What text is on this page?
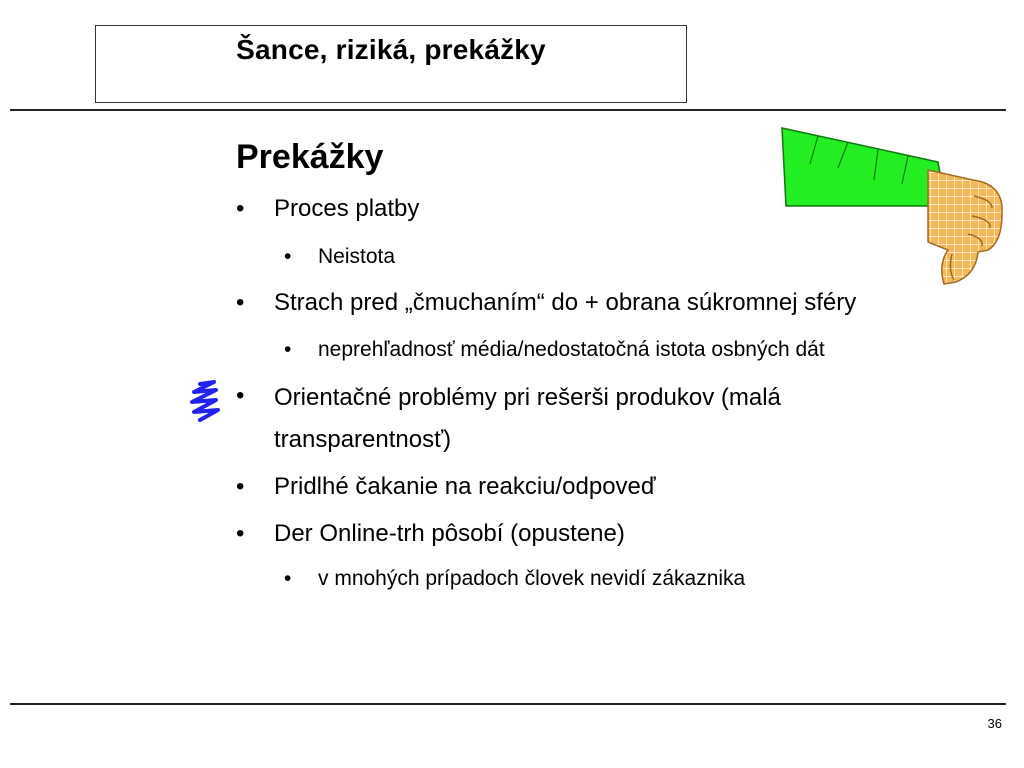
Šance, riziká, prekážky
Prekážky
• Proces platby
• Neistota
• Strach pred „čmuchaním“ do + obrana súkromnej sféry
• neprehľadnosť média/nedostatočná istota osbných dát
• Orientačné problémy pri rešerši produkov (malá transparentnosť)
• Pridlhé čakanie na reakciu/odpoveď
• Der Online-trh pôsobí (opustene)
• v mnohých prípadoch človek nevidí zákaznika
36
